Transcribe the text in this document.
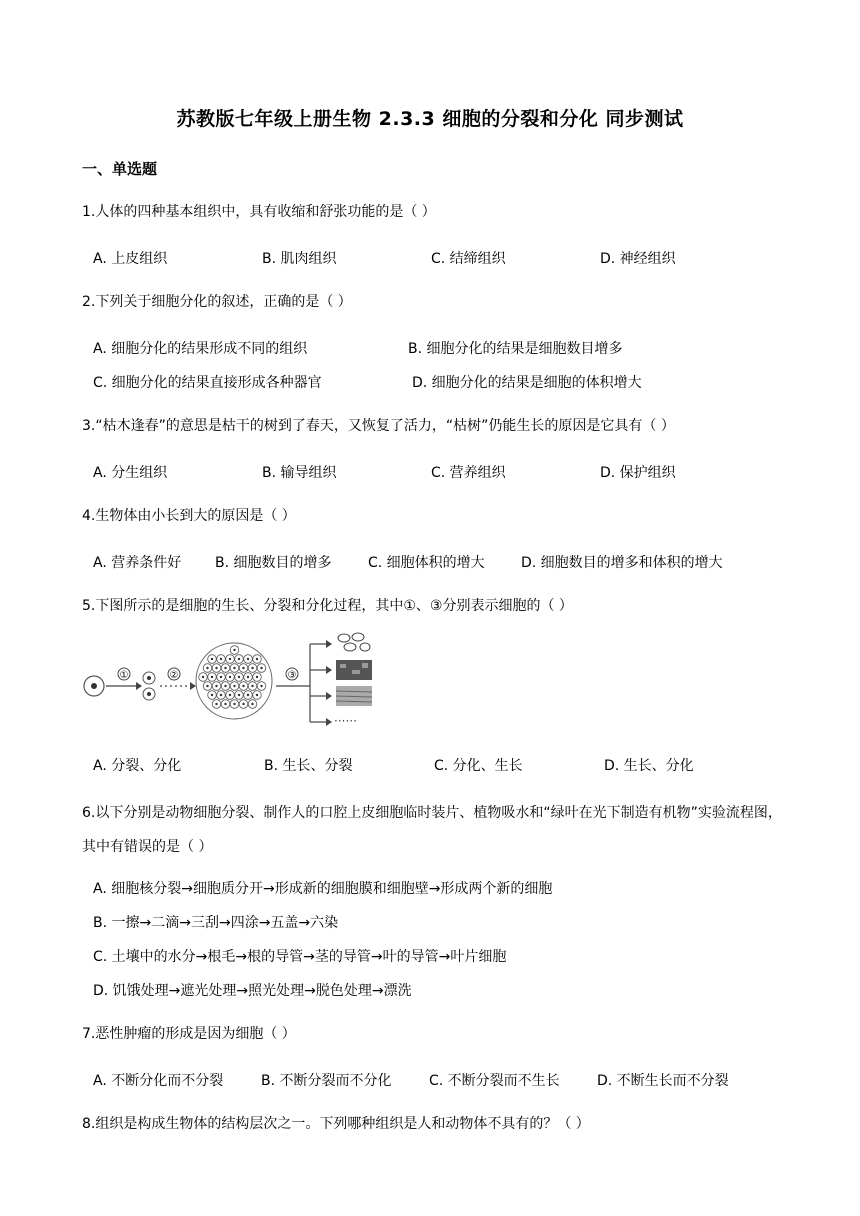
苏教版七年级上册生物 2.3.3 细胞的分裂和分化 同步测试
一、单选题
1.人体的四种基本组织中，具有收缩和舒张功能的是（ ）
A. 上皮组织	B. 肌肉组织	C. 结缔组织	D. 神经组织
2.下列关于细胞分化的叙述，正确的是（ ）
A. 细胞分化的结果形成不同的组织	B. 细胞分化的结果是细胞数目增多
C. 细胞分化的结果直接形成各种器官	D. 细胞分化的结果是细胞的体积增大
3.“枯木逢春”的意思是枯干的树到了春天，又恢复了活力，“枯树”仍能生长的原因是它具有（ ）
A. 分生组织	B. 输导组织	C. 营养组织	D. 保护组织
4.生物体由小长到大的原因是（ ）
A. 营养条件好 B. 细胞数目的增多	C. 细胞体积的增大	D. 细胞数目的增多和体积的增大
5.下图所示的是细胞的生长、分裂和分化过程，其中①、③分别表示细胞的（ ）
①	②	③
······
A. 分裂、分化	B. 生长、分裂	C. 分化、生长	D. 生长、分化
6.以下分别是动物细胞分裂、制作人的口腔上皮细胞临时装片、植物吸水和“绿叶在光下制造有机物”实验流程图，其中有错误的是（ ）
A. 细胞核分裂→细胞质分开→形成新的细胞膜和细胞壁→形成两个新的细胞
B. 一擦→二滴→三刮→四涂→五盖→六染
C. 土壤中的水分→根毛→根的导管→茎的导管→叶的导管→叶片细胞
D. 饥饿处理→遮光处理→照光处理→脱色处理→漂洗
7.恶性肿瘤的形成是因为细胞（ ）
A. 不断分化而不分裂	B. 不断分裂而不分化	C. 不断分裂而不生长	D. 不断生长而不分裂
8.组织是构成生物体的结构层次之一。下列哪种组织是人和动物体不具有的？（ ）
